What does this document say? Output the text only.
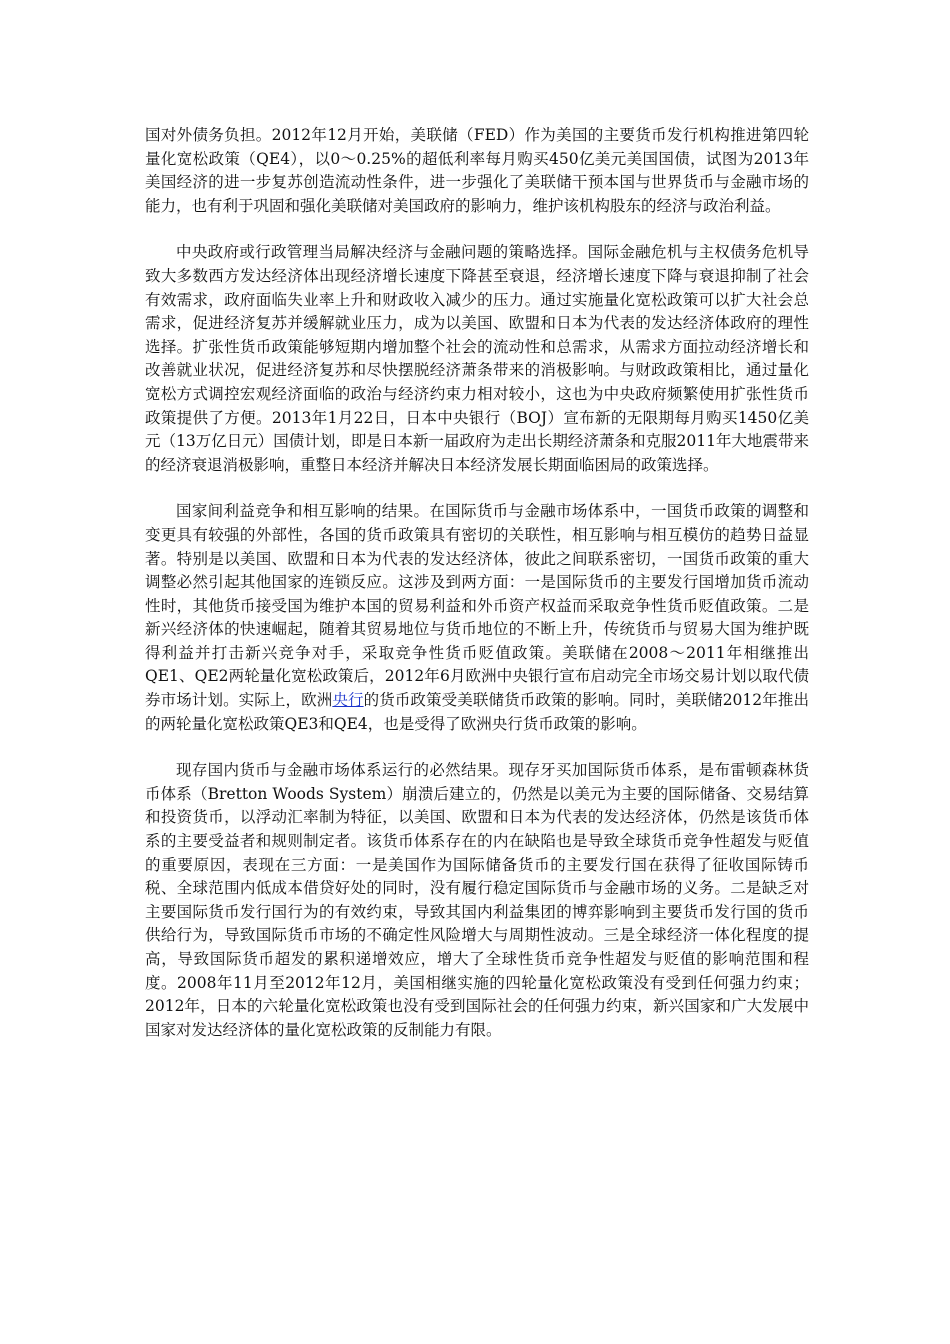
国对外债务负担。2012年12月开始，美联储（FED）作为美国的主要货币发行机构推进第四轮量化宽松政策（QE4），以0～0.25%的超低利率每月购买450亿美元美国国债，试图为2013年美国经济的进一步复苏创造流动性条件，进一步强化了美联储干预本国与世界货币与金融市场的能力，也有利于巩固和强化美联储对美国政府的影响力，维护该机构股东的经济与政治利益。

中央政府或行政管理当局解决经济与金融问题的策略选择。国际金融危机与主权债务危机导致大多数西方发达经济体出现经济增长速度下降甚至衰退，经济增长速度下降与衰退抑制了社会有效需求，政府面临失业率上升和财政收入减少的压力。通过实施量化宽松政策可以扩大社会总需求，促进经济复苏并缓解就业压力，成为以美国、欧盟和日本为代表的发达经济体政府的理性选择。扩张性货币政策能够短期内增加整个社会的流动性和总需求，从需求方面拉动经济增长和改善就业状况，促进经济复苏和尽快摆脱经济萧条带来的消极影响。与财政政策相比，通过量化宽松方式调控宏观经济面临的政治与经济约束力相对较小，这也为中央政府频繁使用扩张性货币政策提供了方便。2013年1月22日，日本中央银行（BOJ）宣布新的无限期每月购买1450亿美元（13万亿日元）国债计划，即是日本新一届政府为走出长期经济萧条和克服2011年大地震带来的经济衰退消极影响，重整日本经济并解决日本经济发展长期面临困局的政策选择。

国家间利益竞争和相互影响的结果。在国际货币与金融市场体系中，一国货币政策的调整和变更具有较强的外部性，各国的货币政策具有密切的关联性，相互影响与相互模仿的趋势日益显著。特别是以美国、欧盟和日本为代表的发达经济体，彼此之间联系密切，一国货币政策的重大调整必然引起其他国家的连锁反应。这涉及到两方面：一是国际货币的主要发行国增加货币流动性时，其他货币接受国为维护本国的贸易利益和外币资产权益而采取竞争性货币贬值政策。二是新兴经济体的快速崛起，随着其贸易地位与货币地位的不断上升，传统货币与贸易大国为维护既得利益并打击新兴竞争对手，采取竞争性货币贬值政策。美联储在2008～2011年相继推出QE1、QE2两轮量化宽松政策后，2012年6月欧洲中央银行宣布启动完全市场交易计划以取代债券市场计划。实际上，欧洲央行的货币政策受美联储货币政策的影响。同时，美联储2012年推出的两轮量化宽松政策QE3和QE4，也是受得了欧洲央行货币政策的影响。

现存国内货币与金融市场体系运行的必然结果。现存牙买加国际货币体系，是布雷顿森林货币体系（Bretton Woods System）崩溃后建立的，仍然是以美元为主要的国际储备、交易结算和投资货币，以浮动汇率制为特征，以美国、欧盟和日本为代表的发达经济体，仍然是该货币体系的主要受益者和规则制定者。该货币体系存在的内在缺陷也是导致全球货币竞争性超发与贬值的重要原因，表现在三方面：一是美国作为国际储备货币的主要发行国在获得了征收国际铸币税、全球范围内低成本借贷好处的同时，没有履行稳定国际货币与金融市场的义务。二是缺乏对主要国际货币发行国行为的有效约束，导致其国内利益集团的博弈影响到主要货币发行国的货币供给行为，导致国际货币市场的不确定性风险增大与周期性波动。三是全球经济一体化程度的提高，导致国际货币超发的累积递增效应，增大了全球性货币竞争性超发与贬值的影响范围和程度。2008年11月至2012年12月，美国相继实施的四轮量化宽松政策没有受到任何强力约束；2012年，日本的六轮量化宽松政策也没有受到国际社会的任何强力约束，新兴国家和广大发展中国家对发达经济体的量化宽松政策的反制能力有限。
